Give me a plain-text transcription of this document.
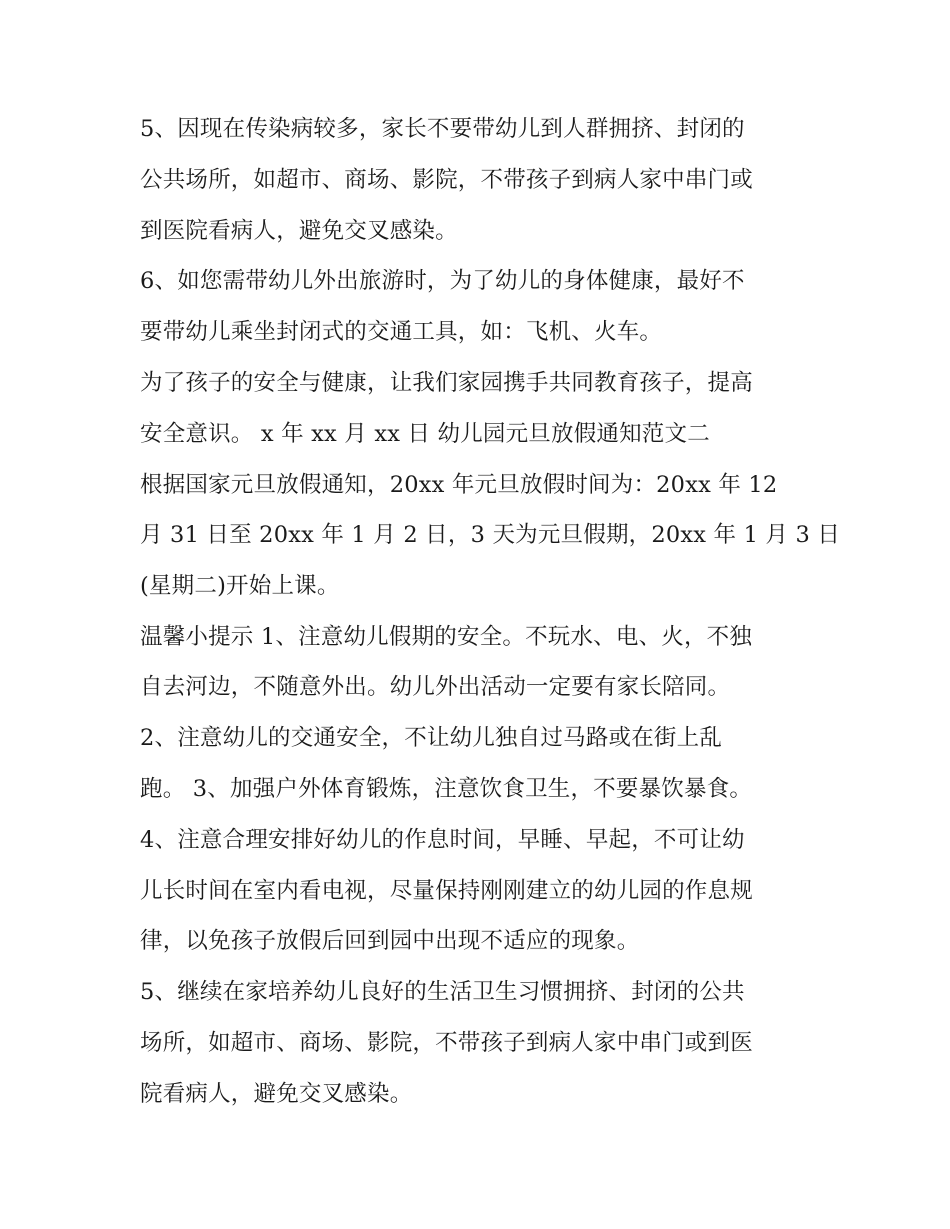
5、因现在传染病较多，家长不要带幼儿到人群拥挤、封闭的
公共场所，如超市、商场、影院，不带孩子到病人家中串门或
到医院看病人，避免交叉感染。
6、如您需带幼儿外出旅游时，为了幼儿的身体健康，最好不
要带幼儿乘坐封闭式的交通工具，如：飞机、火车。
为了孩子的安全与健康，让我们家园携手共同教育孩子，提高
安全意识。 x 年 xx 月 xx 日 幼儿园元旦放假通知范文二
根据国家元旦放假通知，20xx 年元旦放假时间为：20xx 年 12
月 31 日至 20xx 年 1 月 2 日，3 天为元旦假期，20xx 年 1 月 3 日
(星期二)开始上课。
温馨小提示 1、注意幼儿假期的安全。不玩水、电、火，不独
自去河边，不随意外出。幼儿外出活动一定要有家长陪同。
2、注意幼儿的交通安全，不让幼儿独自过马路或在街上乱
跑。 3、加强户外体育锻炼，注意饮食卫生，不要暴饮暴食。
4、注意合理安排好幼儿的作息时间，早睡、早起，不可让幼
儿长时间在室内看电视，尽量保持刚刚建立的幼儿园的作息规
律，以免孩子放假后回到园中出现不适应的现象。
5、继续在家培养幼儿良好的生活卫生习惯拥挤、封闭的公共
场所，如超市、商场、影院，不带孩子到病人家中串门或到医
院看病人，避免交叉感染。
